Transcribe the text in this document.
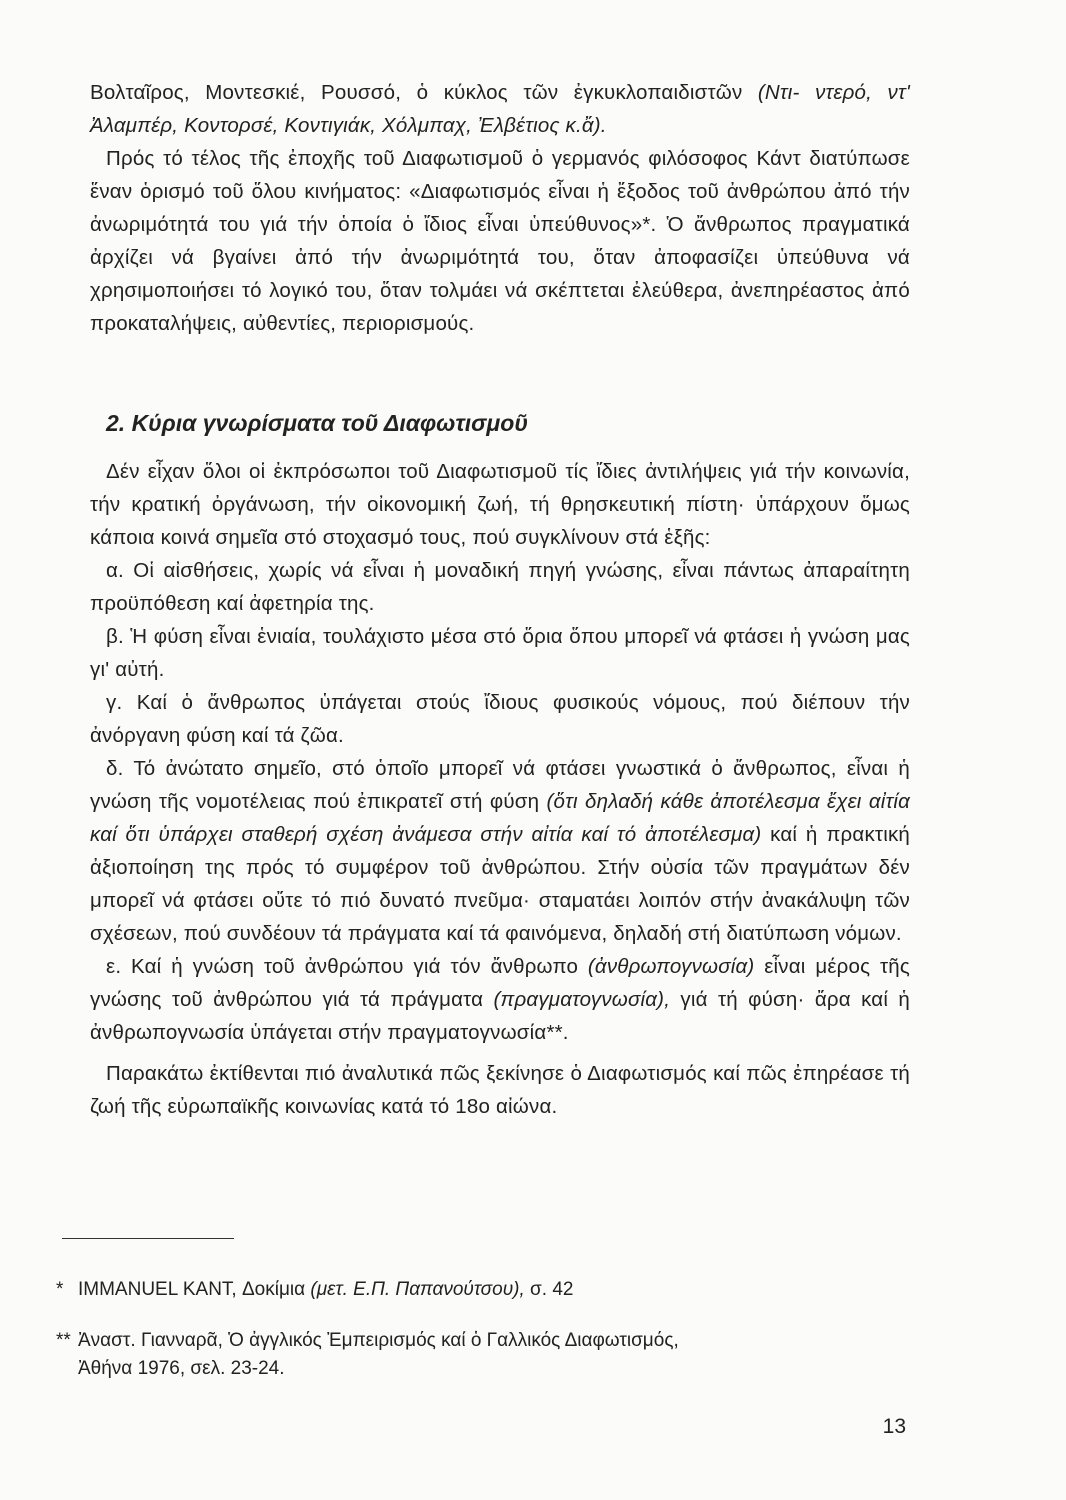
Βολταῖρος, Μοντεσκιέ, Ρουσσό, ὁ κύκλος τῶν ἐγκυκλοπαιδιστῶν (Ντι- ντερό, ντ' Ἀλαμπέρ, Κοντορσέ, Κοντιγιάκ, Χόλμπαχ, Ἐλβέτιος κ.ἄ).

Πρός τό τέλος τῆς ἐποχῆς τοῦ Διαφωτισμοῦ ὁ γερμανός φιλόσοφος Κάντ διατύπωσε ἕναν ὁρισμό τοῦ ὅλου κινήματος: «Διαφωτισμός εἶναι ἡ ἔξοδος τοῦ ἀνθρώπου ἀπό τήν ἀνωριμότητά του γιά τήν ὁποία ὁ ἴδιος εἶναι ὑπεύθυνος»*. Ὁ ἄνθρωπος πραγματικά ἀρχίζει νά βγαίνει ἀπό τήν ἀνωριμότητά του, ὅταν ἀποφασίζει ὑπεύθυνα νά χρησιμοποιήσει τό λογικό του, ὅταν τολμάει νά σκέπτεται ἐλεύθερα, ἀνεπηρέαστος ἀπό προκαταλήψεις, αὐθεντίες, περιορισμούς.

2. Κύρια γνωρίσματα τοῦ Διαφωτισμοῦ

Δέν εἶχαν ὅλοι οἱ ἐκπρόσωποι τοῦ Διαφωτισμοῦ τίς ἴδιες ἀντιλήψεις γιά τήν κοινωνία, τήν κρατική ὀργάνωση, τήν οἰκονομική ζωή, τή θρησκευτική πίστη· ὑπάρχουν ὅμως κάποια κοινά σημεῖα στό στοχασμό τους, πού συγκλίνουν στά ἑξῆς:

α. Οἱ αἰσθήσεις, χωρίς νά εἶναι ἡ μοναδική πηγή γνώσης, εἶναι πάντως ἀπαραίτητη προϋπόθεση καί ἀφετηρία της.

β. Ἡ φύση εἶναι ἑνιαία, τουλάχιστο μέσα στό ὅρια ὅπου μπορεῖ νά φτάσει ἡ γνώση μας γι' αὐτή.

γ. Καί ὁ ἄνθρωπος ὑπάγεται στούς ἴδιους φυσικούς νόμους, πού διέπουν τήν ἀνόργανη φύση καί τά ζῶα.

δ. Τό ἀνώτατο σημεῖο, στό ὁποῖο μπορεῖ νά φτάσει γνωστικά ὁ ἄνθρωπος, εἶναι ἡ γνώση τῆς νομοτέλειας πού ἐπικρατεῖ στή φύση (ὅτι δηλαδή κάθε ἀποτέλεσμα ἔχει αἰτία καί ὅτι ὑπάρχει σταθερή σχέση ἀνάμεσα στήν αἰτία καί τό ἀποτέλεσμα) καί ἡ πρακτική ἀξιοποίηση της πρός τό συμφέρον τοῦ ἀνθρώπου. Στήν οὐσία τῶν πραγμάτων δέν μπορεῖ νά φτάσει οὔτε τό πιό δυνατό πνεῦμα· σταματάει λοιπόν στήν ἀνακάλυψη τῶν σχέσεων, πού συνδέουν τά πράγματα καί τά φαινόμενα, δηλαδή στή διατύπωση νόμων.

ε. Καί ἡ γνώση τοῦ ἀνθρώπου γιά τόν ἄνθρωπο (ἀνθρωπογνωσία) εἶναι μέρος τῆς γνώσης τοῦ ἀνθρώπου γιά τά πράγματα (πραγματογνωσία), γιά τή φύση· ἄρα καί ἡ ἀνθρωπογνωσία ὑπάγεται στήν πραγματογνωσία**.

Παρακάτω ἐκτίθενται πιό ἀναλυτικά πῶς ξεκίνησε ὁ Διαφωτισμός καί πῶς ἐπηρέασε τή ζωή τῆς εὐρωπαϊκῆς κοινωνίας κατά τό 18ο αἰώνα.

* IMMANUEL KANT, Δοκίμια (μετ. Ε.Π. Παπανούτσου), σ. 42
** Ἀναστ. Γιανναρᾶ, Ὁ ἀγγλικός Ἐμπειρισμός καί ὁ Γαλλικός Διαφωτισμός,
Ἀθήνα 1976, σελ. 23-24.
13
